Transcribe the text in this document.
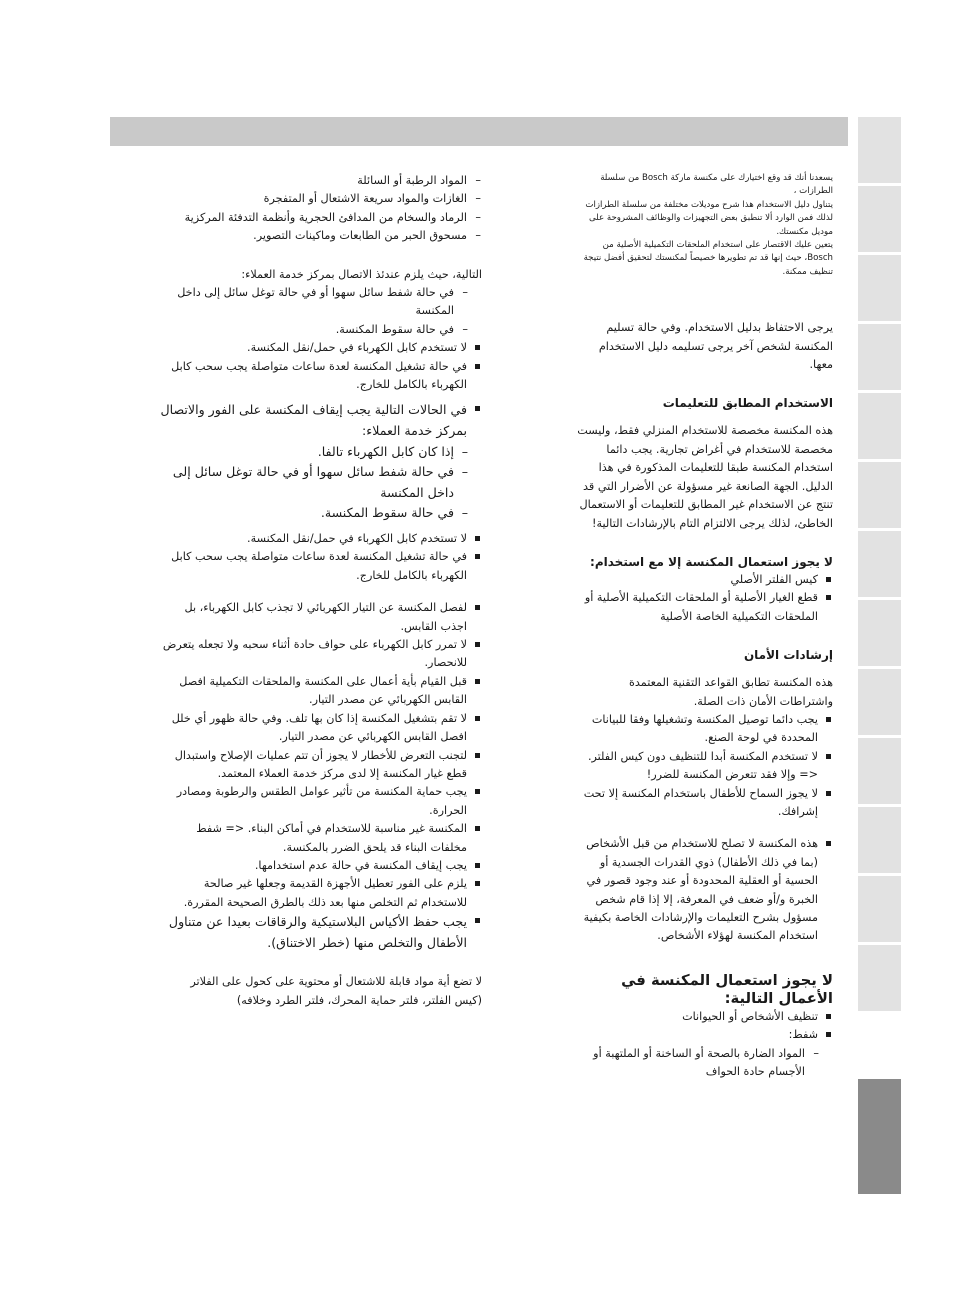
يسعدنا أنك قد وقع اختيارك على مكنسة ماركة Bosch من سلسلة الطرازات ،

يتناول دليل الاستخدام هذا شرح موديلات مختلفة من سلسلة الطرازات لذلك فمن الوارد ألا تنطبق بعض التجهيزات والوظائف المشروحة على موديل مكنستك.

يتعين عليك الاقتصار على استخدام الملحقات التكميلية الأصلية من Bosch، حيث إنها قد تم تطويرها خصيصاً لمكنستك لتحقيق أفضل نتيجة تنظيف ممكنة.

يرجى الاحتفاظ بدليل الاستخدام. وفي حالة تسليم المكنسة لشخص آخر يرجى تسليمه دليل الاستخدام معها.

الاستخدام المطابق للتعليمات

هذه المكنسة مخصصة للاستخدام المنزلي فقط، وليست مخصصة للاستخدام في أغراض تجارية. يجب دائما استخدام المكنسة طبقا للتعليمات المذكورة في هذا الدليل. الجهة الصانعة غير مسؤولة عن الأضرار التي قد تنتج عن الاستخدام غير المطابق للتعليمات أو الاستعمال الخاطئ، لذلك يرجى الالتزام التام بالإرشادات التالية!

لا يجوز استعمال المكنسة إلا مع استخدام:
كيس الفلتر الأصلي
قطع الغيار الأصلية أو الملحقات التكميلية الأصلية أو الملحقات التكميلية الخاصة الأصلية
إرشادات الأمان

هذه المكنسة تطابق القواعد التقنية المعتمدة واشتراطات الأمان ذات الصلة.

يجب دائما توصيل المكنسة وتشغيلها وفقا للبيانات المحددة في لوحة الصنع.
لا تستخدم المكنسة أبدا للتنظيف دون كيس الفلتر. <= وإلا فقد تتعرض المكنسة للضرر!
لا يجوز السماح للأطفال باستخدام المكنسة إلا تحت إشرافك.
هذه المكنسة لا تصلح للاستخدام من قبل الأشخاص (بما في ذلك الأطفال) ذوي القدرات الجسدية أو الحسية أو العقلية المحدودة أو عند وجود قصور في الخبرة و/أو ضعف في المعرفة، إلا إذا قام شخص مسؤول بشرح التعليمات والإرشادات الخاصة بكيفية استخدام المكنسة لهؤلاء الأشخاص.
لا يجوز استعمال المكنسة في الأعمال التالية:
تنظيف الأشخاص أو الحيوانات
شفط:
– المواد الضارة بالصحة أو الساخنة أو الملتهبة أو الأجسام حادة الحواف
– المواد الرطبة أو السائلة
– الغازات والمواد سريعة الاشتعال أو المتفجرة
– الرماد والسخام من المدافئ الحجرية وأنظمة التدفئة المركزية
– مسحوق الحبر من الطابعات وماكينات التصوير.

التالية، حيث يلزم عندئذ الاتصال بمركز خدمة العملاء:

– في حالة شفط سائل سهوا أو في حالة توغل سائل إلى داخل المكنسة
– في حالة سقوط المكنسة.
لا تستخدم كابل الكهرباء في حمل/نقل المكنسة.
في حالة تشغيل المكنسة لعدة ساعات متواصلة يجب سحب كابل الكهرباء بالكامل للخارج.
في الحالات التالية يجب إيقاف المكنسة على الفور والاتصال بمركز خدمة العملاء:
– إذا كان كابل الكهرباء تالفا.
– في حالة شفط سائل سهوا أو في حالة توغل سائل إلى داخل المكنسة
– في حالة سقوط المكنسة.
لا تستخدم كابل الكهرباء في حمل/نقل المكنسة.
في حالة تشغيل المكنسة لعدة ساعات متواصلة يجب سحب كابل الكهرباء بالكامل للخارج.
لفصل المكنسة عن التيار الكهربائي لا تجذب كابل الكهرباء، بل اجذب القابس.
لا تمرر كابل الكهرباء على حواف حادة أثناء سحبه ولا تجعله يتعرض للانحصار.
قبل القيام بأية أعمال على المكنسة والملحقات التكميلية افصل القابس الكهربائي عن مصدر التيار.
لا تقم بتشغيل المكنسة إذا كان بها تلف. وفي حالة ظهور أي خلل افصل القابس الكهربائي عن مصدر التيار.
لتجنب التعرض للأخطار لا يجوز أن تتم عمليات الإصلاح واستبدال قطع غيار المكنسة إلا لدى مركز خدمة العملاء المعتمد.
يجب حماية المكنسة من تأثير عوامل الطقس والرطوبة ومصادر الحرارة.
المكنسة غير مناسبة للاستخدام في أماكن البناء. <= شفط مخلفات البناء قد يلحق الضرر بالمكنسة.
يجب إيقاف المكنسة في حالة عدم استخدامها.
يلزم على الفور تعطيل الأجهزة القديمة وجعلها غير صالحة للاستخدام ثم التخلص منها بعد ذلك بالطرق الصحيحة المقررة.
يجب حفظ الأكياس البلاستيكية والرقاقات بعيدا عن متناول الأطفال والتخلص منها (خطر الاختناق).

لا تضع أية مواد قابلة للاشتعال أو محتوية على كحول على الفلاتر (كيس الفلتر، فلتر حماية المحرك، فلتر الطرد وخلافه)
